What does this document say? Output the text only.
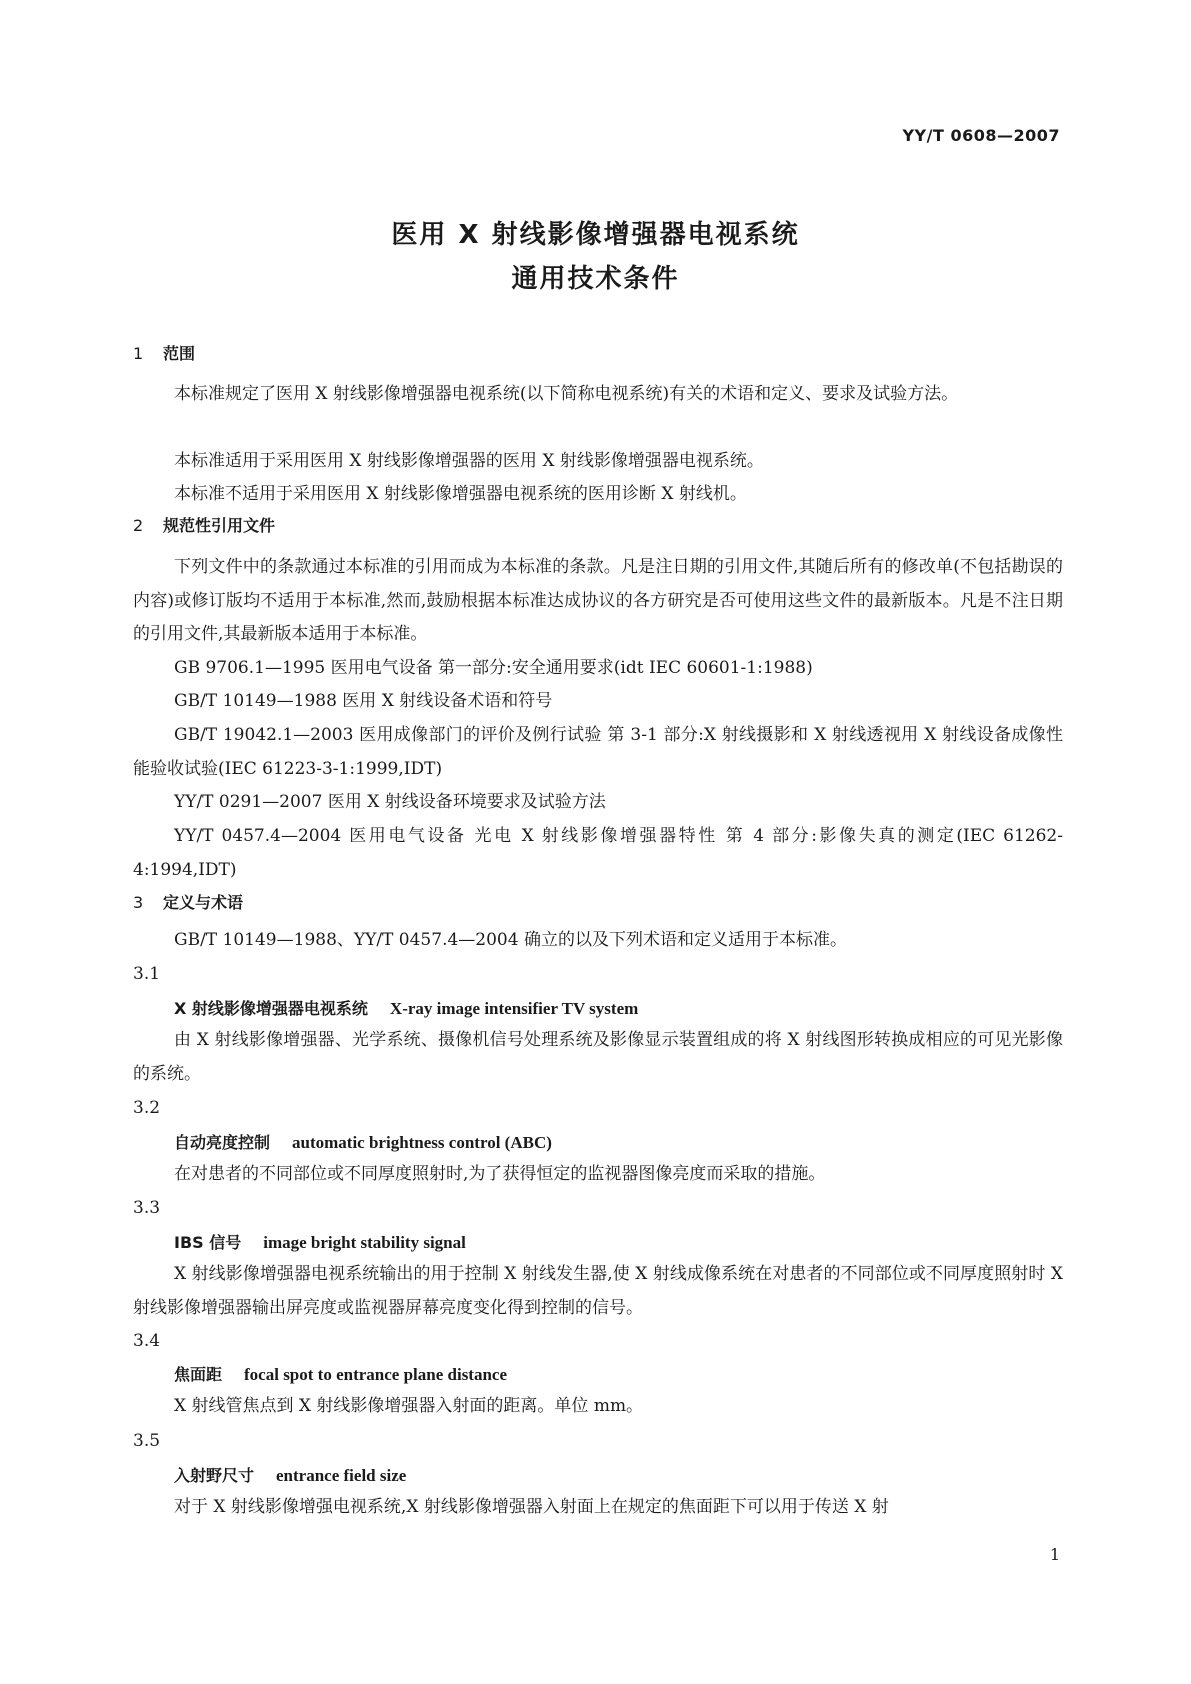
YY/T 0608—2007
医用 X 射线影像增强器电视系统
通用技术条件
1 范围
本标准规定了医用 X 射线影像增强器电视系统(以下简称电视系统)有关的术语和定义、要求及试验方法。
本标准适用于采用医用 X 射线影像增强器的医用 X 射线影像增强器电视系统。
本标准不适用于采用医用 X 射线影像增强器电视系统的医用诊断 X 射线机。
2 规范性引用文件
下列文件中的条款通过本标准的引用而成为本标准的条款。凡是注日期的引用文件,其随后所有的修改单(不包括勘误的内容)或修订版均不适用于本标准,然而,鼓励根据本标准达成协议的各方研究是否可使用这些文件的最新版本。凡是不注日期的引用文件,其最新版本适用于本标准。
GB 9706.1—1995 医用电气设备 第一部分:安全通用要求(idt IEC 60601-1:1988)
GB/T 10149—1988 医用 X 射线设备术语和符号
GB/T 19042.1—2003 医用成像部门的评价及例行试验 第 3-1 部分:X 射线摄影和 X 射线透视用 X 射线设备成像性能验收试验(IEC 61223-3-1:1999,IDT)
YY/T 0291—2007 医用 X 射线设备环境要求及试验方法
YY/T 0457.4—2004 医用电气设备 光电 X 射线影像增强器特性 第 4 部分:影像失真的测定(IEC 61262-4:1994,IDT)
3 定义与术语
GB/T 10149—1988、YY/T 0457.4—2004 确立的以及下列术语和定义适用于本标准。
3.1
X 射线影像增强器电视系统 X-ray image intensifier TV system
由 X 射线影像增强器、光学系统、摄像机信号处理系统及影像显示装置组成的将 X 射线图形转换成相应的可见光影像的系统。
3.2
自动亮度控制 automatic brightness control (ABC)
在对患者的不同部位或不同厚度照射时,为了获得恒定的监视器图像亮度而采取的措施。
3.3
IBS 信号 image bright stability signal
X 射线影像增强器电视系统输出的用于控制 X 射线发生器,使 X 射线成像系统在对患者的不同部位或不同厚度照射时 X 射线影像增强器输出屏亮度或监视器屏幕亮度变化得到控制的信号。
3.4
焦面距 focal spot to entrance plane distance
X 射线管焦点到 X 射线影像增强器入射面的距离。单位 mm。
3.5
入射野尺寸 entrance field size
对于 X 射线影像增强电视系统,X 射线影像增强器入射面上在规定的焦面距下可以用于传送 X 射
1
